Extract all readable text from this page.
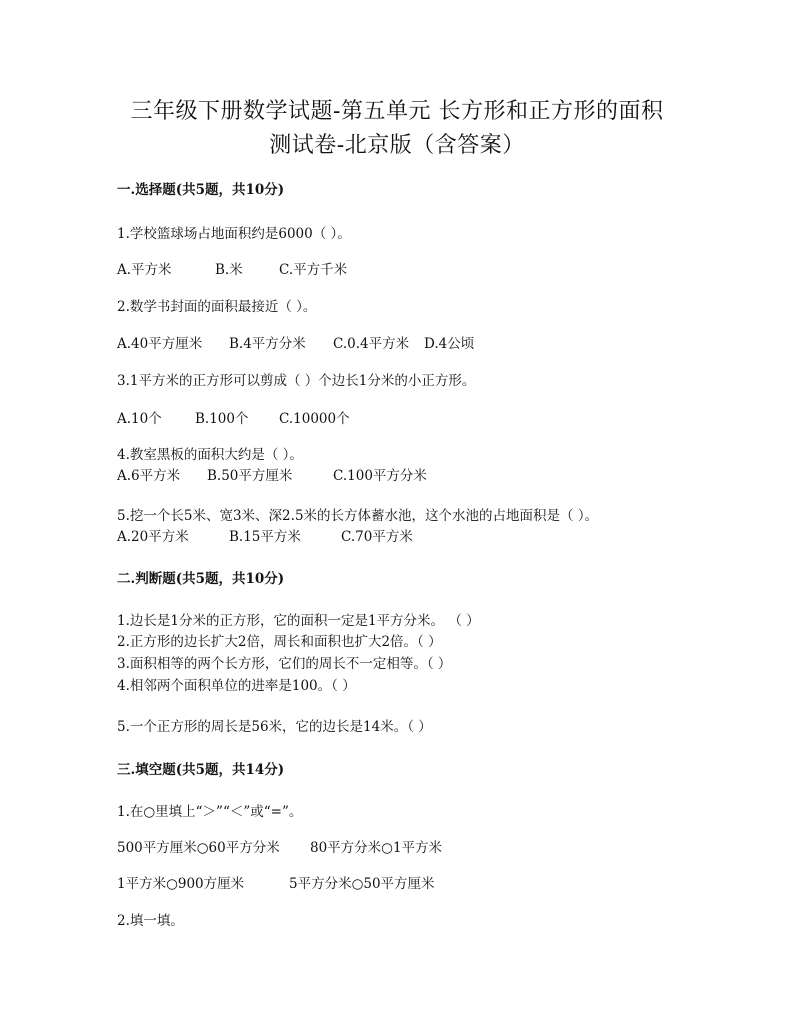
三年级下册数学试题-第五单元 长方形和正方形的面积
测试卷-北京版（含答案）
一.选择题(共5题，共10分)
1.学校篮球场占地面积约是6000（ ）。
A.平方米	B.米	C.平方千米
2.数学书封面的面积最接近（ ）。
A.40平方厘米 B.4平方分米 C.0.4平方米 D.4公顷
3.1平方米的正方形可以剪成（ ）个边长1分米的小正方形。
A.10个 B.100个 C.10000个
4.教室黑板的面积大约是（ ）。
A.6平方米 B.50平方厘米	C.100平方分米
5.挖一个长5米、宽3米、深2.5米的长方体蓄水池，这个水池的占地面积是（ ）。
A.20平方米	B.15平方米	C.70平方米
二.判断题(共5题，共10分)
1.边长是1分米的正方形，它的面积一定是1平方分米。 （ ）
2.正方形的边长扩大2倍，周长和面积也扩大2倍。（ ）
3.面积相等的两个长方形，它们的周长不一定相等。（ ）
4.相邻两个面积单位的进率是100。（ ）
5.一个正方形的周长是56米，它的边长是14米。（ ）
三.填空题(共5题，共14分)
1.在○里填上“＞”“＜”或“=”。
500平方厘米○60平方分米 80平方分米○1平方米
1平方米○900方厘米	5平方分米○50平方厘米
2.填一填。
